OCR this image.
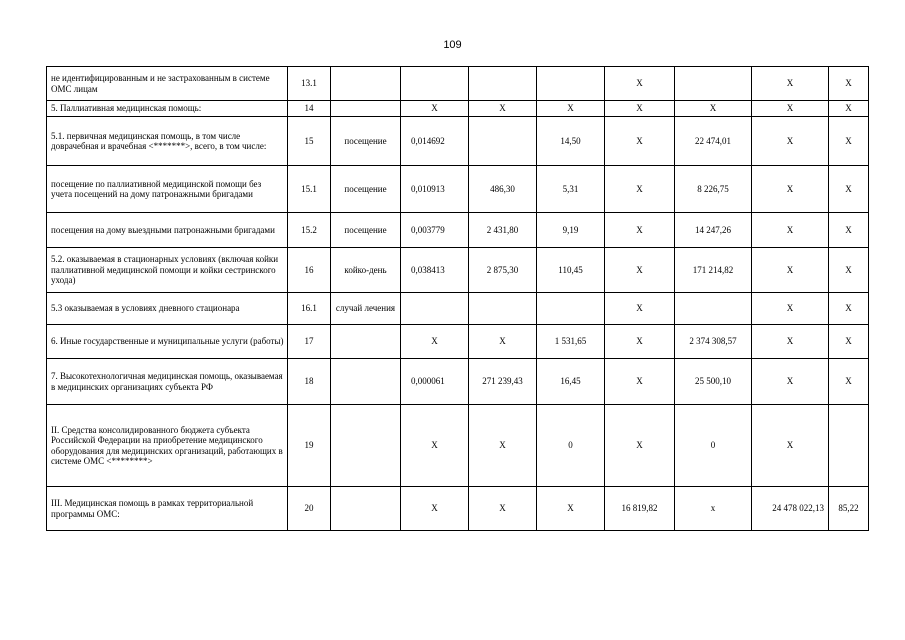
109
не идентифицированным и не застрахованным в системе ОМС лицам	13.1					X		X	X
5. Паллиативная медицинская помощь:	14		X	X	X	X	X	X	X
5.1. первичная медицинская помощь, в том числе доврачебная и врачебная <*******>, всего, в том числе:	15	посещение	0,014692		14,50	X	22 474,01	X	X
посещение по паллиативной медицинской помощи без учета посещений на дому патронажными бригадами	15.1	посещение	0,010913	486,30	5,31	X	8 226,75	X	X
посещения на дому выездными патронажными бригадами	15.2	посещение	0,003779	2 431,80	9,19	X	14 247,26	X	X
5.2. оказываемая в стационарных условиях (включая койки паллиативной медицинской помощи и койки сестринского ухода)	16	койко-день	0,038413	2 875,30	110,45	X	171 214,82	X	X
5.3 оказываемая в условиях дневного стационара	16.1	случай лечения				X		X	X
6. Иные государственные и муниципальные услуги (работы)	17		X	X	1 531,65	X	2 374 308,57	X	X
7. Высокотехнологичная медицинская помощь, оказываемая в медицинских организациях субъекта РФ	18		0,000061	271 239,43	16,45	X	25 500,10	X	X
II. Средства консолидированного бюджета субъекта Российской Федерации на приобретение медицинского оборудования для медицинских организаций, работающих в системе ОМС <********>	19		X	X	0	X	0	X	
III. Медицинская помощь в рамках территориальной программы ОМС:	20		X	X	X	16 819,82	x	24 478 022,13	85,22
